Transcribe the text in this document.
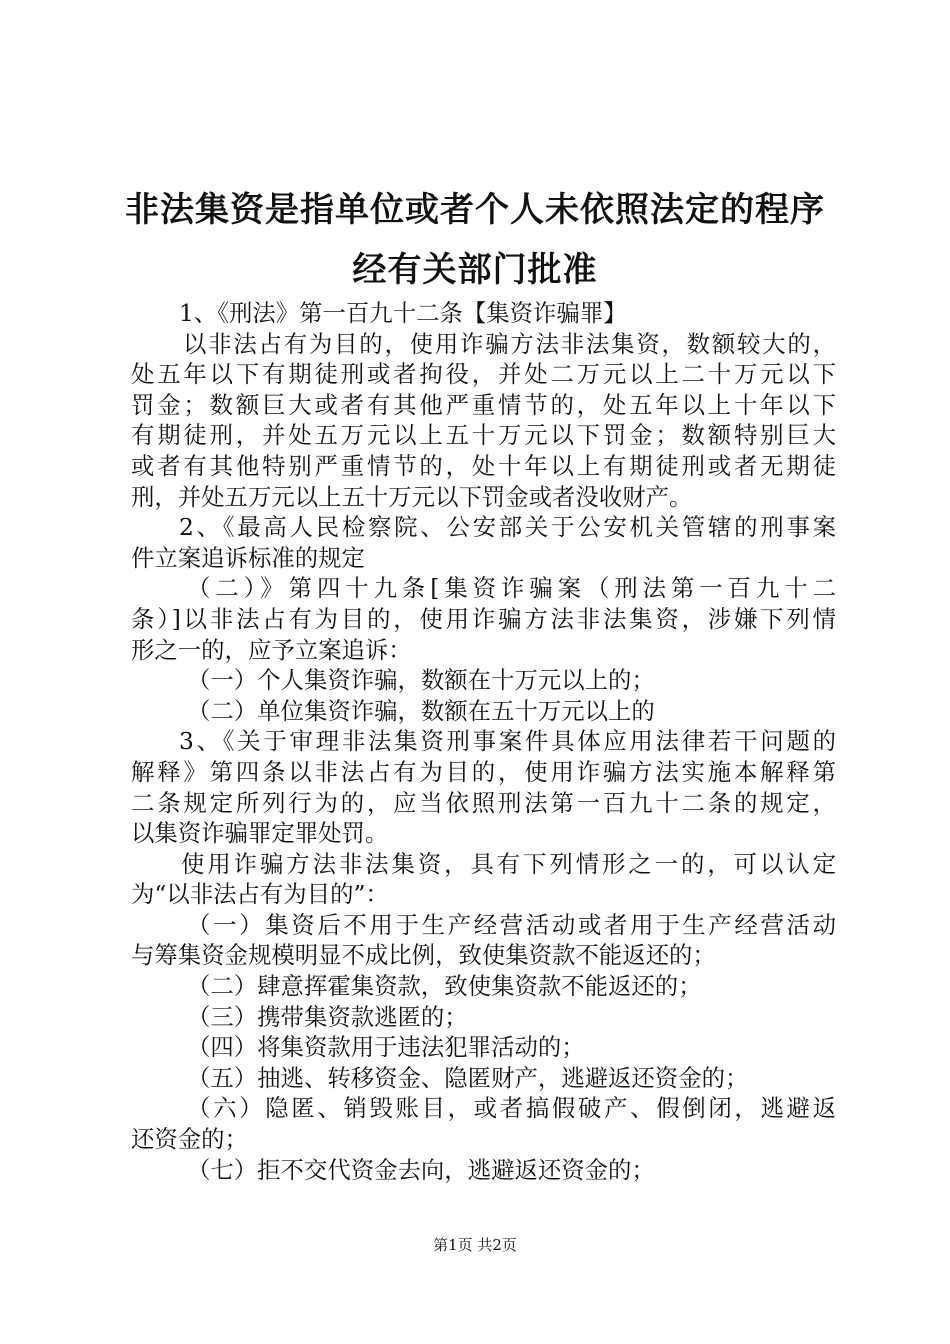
非法集资是指单位或者个人未依照法定的程序
经有关部门批准
1、《刑法》第一百九十二条【集资诈骗罪】
以非法占有为目的，使用诈骗方法非法集资，数额较大的，
处五年以下有期徒刑或者拘役，并处二万元以上二十万元以下
罚金；数额巨大或者有其他严重情节的，处五年以上十年以下
有期徒刑，并处五万元以上五十万元以下罚金；数额特别巨大
或者有其他特别严重情节的，处十年以上有期徒刑或者无期徒
刑，并处五万元以上五十万元以下罚金或者没收财产。
2、《最高人民检察院、公安部关于公安机关管辖的刑事案
件立案追诉标准的规定
（二）》第四十九条[集资诈骗案（刑法第一百九十二
条）]以非法占有为目的，使用诈骗方法非法集资，涉嫌下列情
形之一的，应予立案追诉：
（一）个人集资诈骗，数额在十万元以上的；
（二）单位集资诈骗，数额在五十万元以上的
3、《关于审理非法集资刑事案件具体应用法律若干问题的
解释》第四条以非法占有为目的，使用诈骗方法实施本解释第
二条规定所列行为的，应当依照刑法第一百九十二条的规定，
以集资诈骗罪定罪处罚。
使用诈骗方法非法集资，具有下列情形之一的，可以认定
为“以非法占有为目的”：
（一）集资后不用于生产经营活动或者用于生产经营活动
与筹集资金规模明显不成比例，致使集资款不能返还的；
（二）肆意挥霍集资款，致使集资款不能返还的；
（三）携带集资款逃匿的；
（四）将集资款用于违法犯罪活动的；
（五）抽逃、转移资金、隐匿财产，逃避返还资金的；
（六）隐匿、销毁账目，或者搞假破产、假倒闭，逃避返
还资金的；
（七）拒不交代资金去向，逃避返还资金的；
第1页 共2页
